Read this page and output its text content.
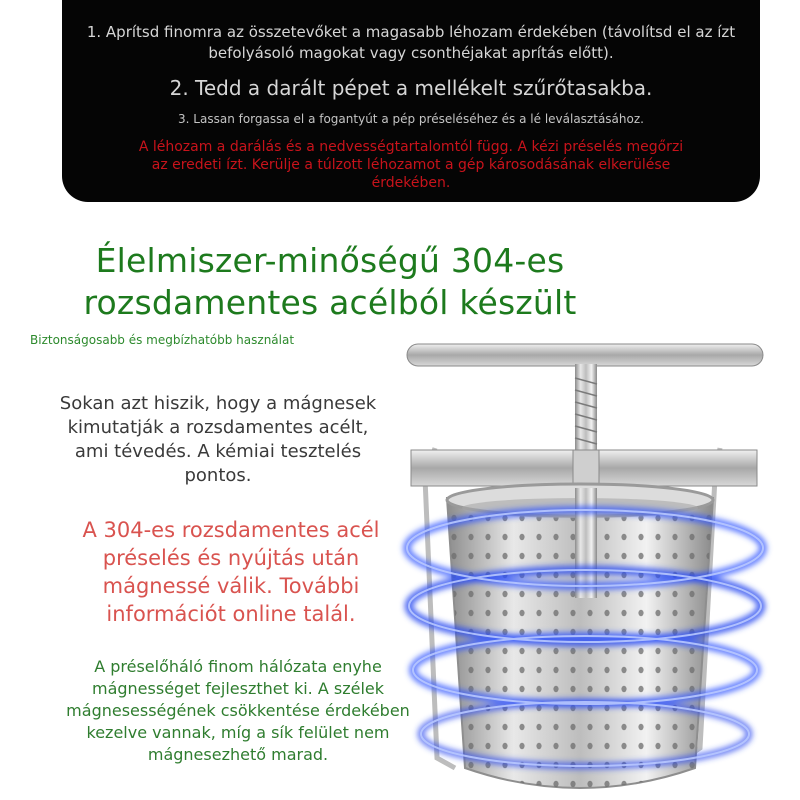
1. Aprítsd finomra az összetevőket a magasabb léhozam érdekében (távolítsd el az ízt befolyásoló magokat vagy csonthéjakat aprítás előtt).
2. Tedd a darált pépet a mellékelt szűrőtasakba.
3. Lassan forgassa el a fogantyút a pép préseléséhez és a lé leválasztásához.
A léhozam a darálás és a nedvességtartalomtól függ. A kézi préselés megőrzi az eredeti ízt. Kerülje a túlzott léhozamot a gép károsodásának elkerülése érdekében.
Élelmiszer-minőségű 304-es rozsdamentes acélból készült
Biztonságosabb és megbízhatóbb használat
Sokan azt hiszik, hogy a mágnesek kimutatják a rozsdamentes acélt, ami tévedés. A kémiai tesztelés pontos.
A 304-es rozsdamentes acél préselés és nyújtás után mágnessé válik. További információt online talál.
A préselőháló finom hálózata enyhe mágnességet fejleszthet ki. A szélek mágnesességének csökkentése érdekében kezelve vannak, míg a sík felület nem mágnesezhető marad.
